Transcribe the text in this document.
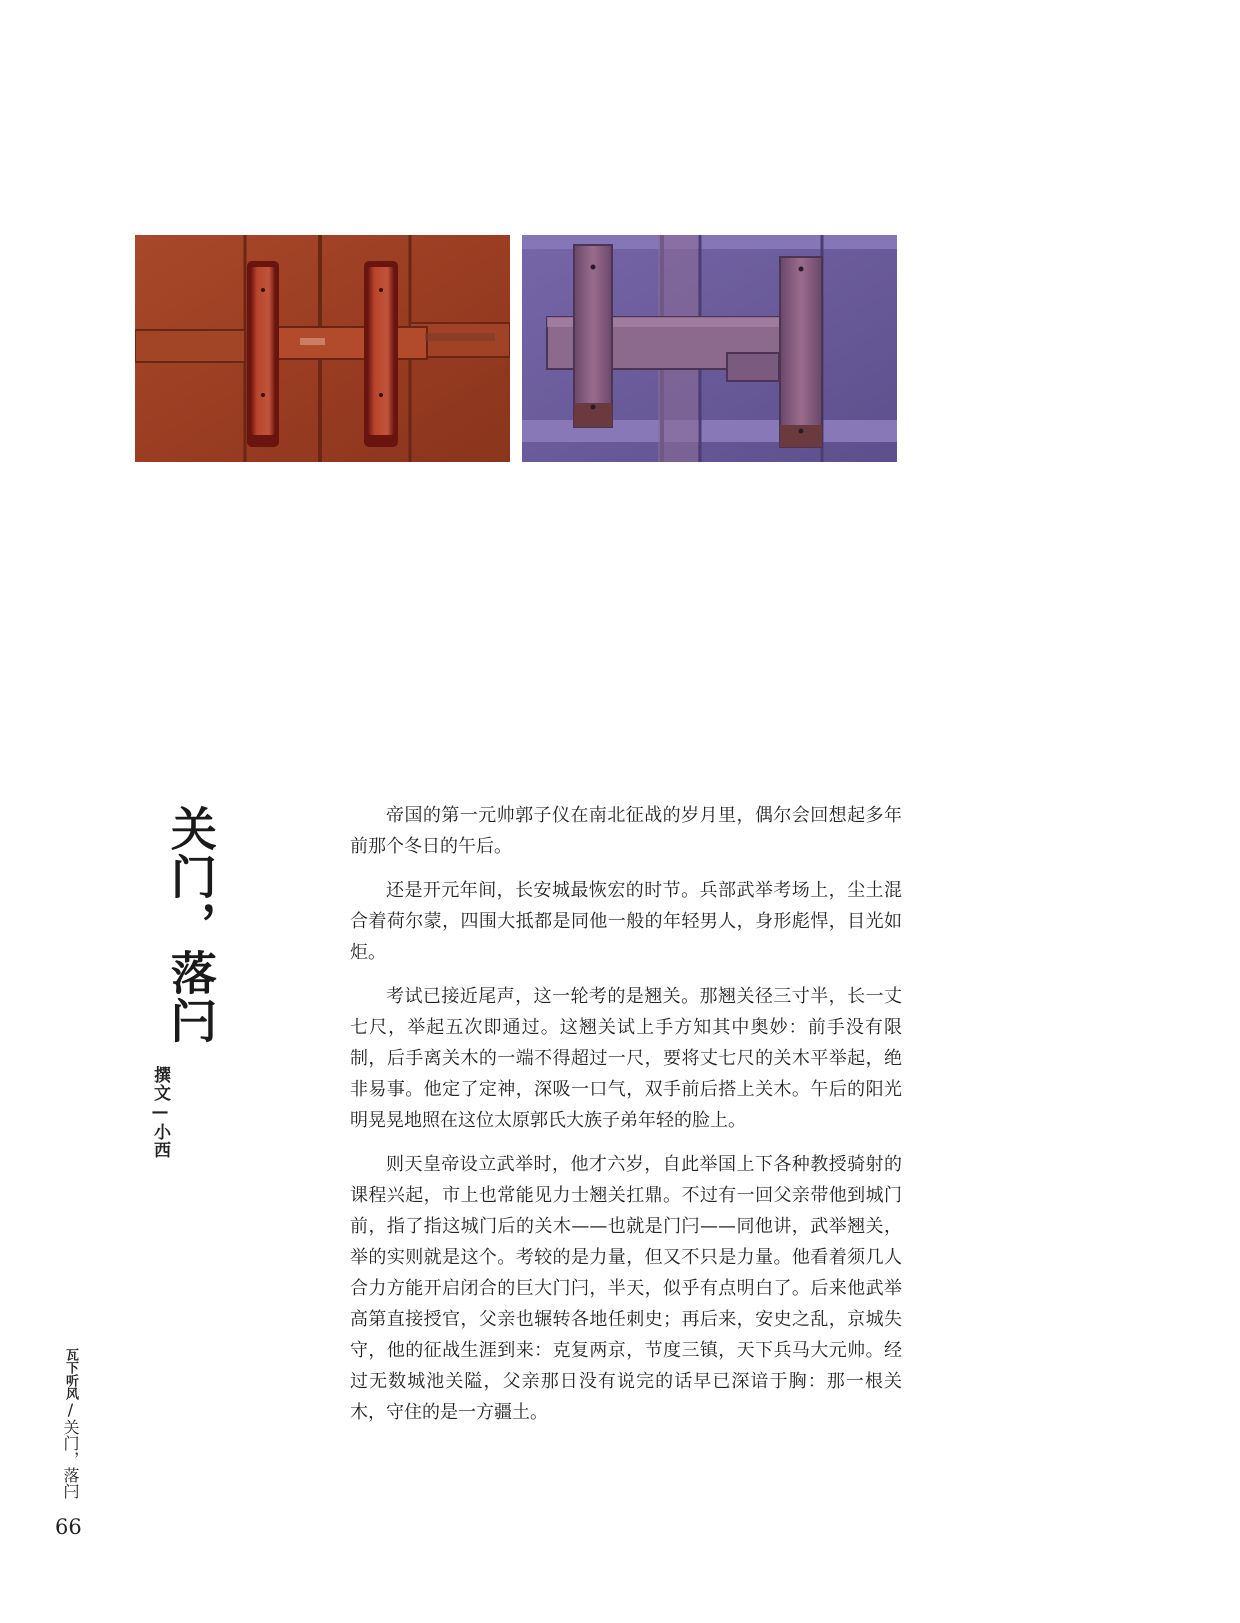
关门，落闩
撰文—小西

帝国的第一元帅郭子仪在南北征战的岁月里，偶尔会回想起多年前那个冬日的午后。

还是开元年间，长安城最恢宏的时节。兵部武举考场上，尘土混合着荷尔蒙，四围大抵都是同他一般的年轻男人，身形彪悍，目光如炬。

考试已接近尾声，这一轮考的是翘关。那翘关径三寸半，长一丈七尺，举起五次即通过。这翘关试上手方知其中奥妙：前手没有限制，后手离关木的一端不得超过一尺，要将丈七尺的关木平举起，绝非易事。他定了定神，深吸一口气，双手前后搭上关木。午后的阳光明晃晃地照在这位太原郭氏大族子弟年轻的脸上。

则天皇帝设立武举时，他才六岁，自此举国上下各种教授骑射的课程兴起，市上也常能见力士翘关扛鼎。不过有一回父亲带他到城门前，指了指这城门后的关木——也就是门闩——同他讲，武举翘关，举的实则就是这个。考较的是力量，但又不只是力量。他看着须几人合力方能开启闭合的巨大门闩，半天，似乎有点明白了。后来他武举高第直接授官，父亲也辗转各地任刺史；再后来，安史之乱，京城失守，他的征战生涯到来：克复两京，节度三镇，天下兵马大元帅。经过无数城池关隘，父亲那日没有说完的话早已深谙于胸：那一根关木，守住的是一方疆土。

瓦下听风/关门，落闩
66
